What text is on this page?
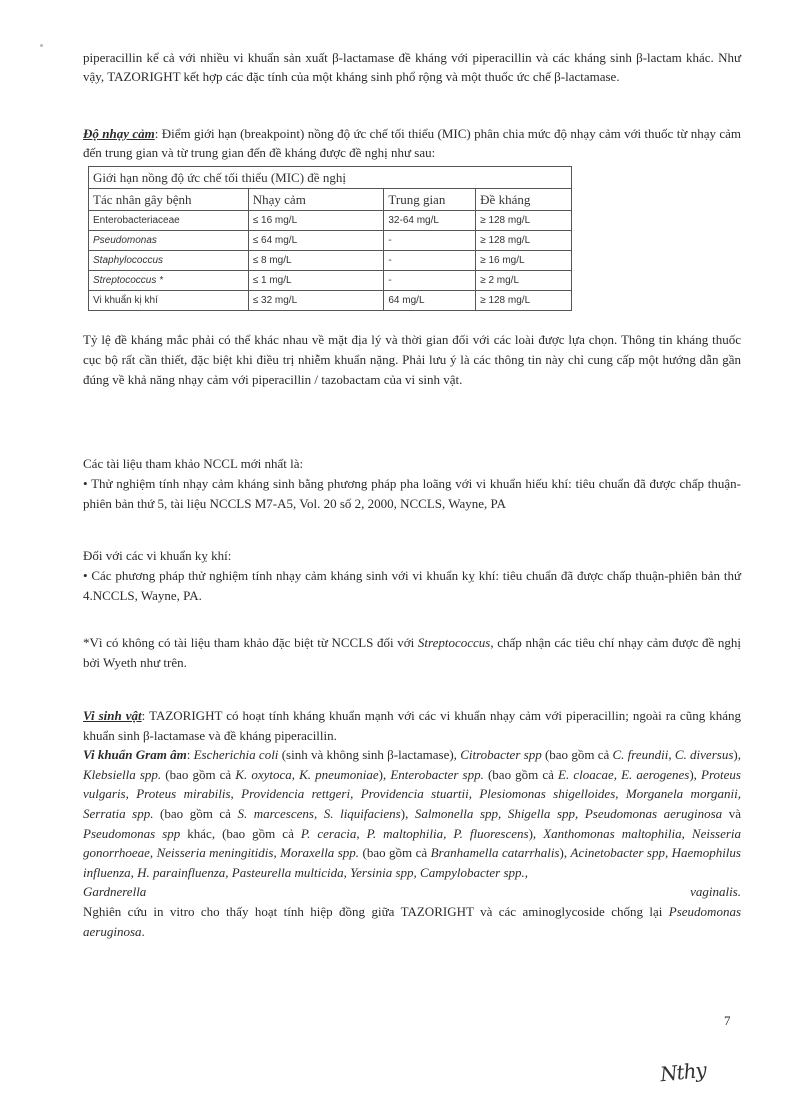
piperacillin kể cả với nhiều vi khuẩn sản xuất β-lactamase đề kháng với piperacillin và các kháng sinh β-lactam khác. Như vậy, TAZORIGHT kết hợp các đặc tính của một kháng sinh phổ rộng và một thuốc ức chế β-lactamase.

Độ nhạy cảm: Điểm giới hạn (breakpoint) nồng độ ức chế tối thiểu (MIC) phân chia mức độ nhạy cảm với thuốc từ nhạy cảm đến trung gian và từ trung gian đến đề kháng được đề nghị như sau:

Giới hạn nồng độ ức chế tối thiểu (MIC) đề nghị			
Tác nhân gây bệnh	Nhạy cảm	Trung gian	Đề kháng
Enterobacteriaceae	≤ 16 mg/L	32-64 mg/L	≥ 128 mg/L
Pseudomonas	≤ 64 mg/L	-	≥ 128 mg/L
Staphylococcus	≤ 8 mg/L	-	≥ 16 mg/L
Streptococcus *	≤ 1 mg/L	-	≥ 2 mg/L
Vi khuẩn kị khí	≤ 32 mg/L	64 mg/L	≥ 128 mg/L

Tỷ lệ đề kháng mắc phải có thể khác nhau về mặt địa lý và thời gian đối với các loài được lựa chọn. Thông tin kháng thuốc cục bộ rất cần thiết, đặc biệt khi điều trị nhiễm khuẩn nặng. Phải lưu ý là các thông tin này chỉ cung cấp một hướng dẫn gần đúng về khả năng nhạy cảm với piperacillin / tazobactam của vi sinh vật.

Các tài liệu tham khảo NCCL mới nhất là:

• Thử nghiệm tính nhạy cảm kháng sinh bằng phương pháp pha loãng với vi khuẩn hiếu khí: tiêu chuẩn đã được chấp thuận-phiên bản thứ 5, tài liệu NCCLS M7-A5, Vol. 20 số 2, 2000, NCCLS, Wayne, PA

Đối với các vi khuẩn kỵ khí:

• Các phương pháp thử nghiệm tính nhạy cảm kháng sinh với vi khuẩn kỵ khí: tiêu chuẩn đã được chấp thuận-phiên bản thứ 4.NCCLS, Wayne, PA.

*Vì có không có tài liệu tham khảo đặc biệt từ NCCLS đối với Streptococcus, chấp nhận các tiêu chí nhạy cảm được đề nghị bởi Wyeth như trên.

Vi sinh vật: TAZORIGHT có hoạt tính kháng khuẩn mạnh với các vi khuẩn nhạy cảm với piperacillin; ngoài ra cũng kháng khuẩn sinh β-lactamase và đề kháng piperacillin.

Vi khuẩn Gram âm: Escherichia coli (sinh và không sinh β-lactamase), Citrobacter spp (bao gồm cả C. freundii, C. diversus), Klebsiella spp. (bao gồm cả K. oxytoca, K. pneumoniae), Enterobacter spp. (bao gồm cả E. cloacae, E. aerogenes), Proteus vulgaris, Proteus mirabilis, Providencia rettgeri, Providencia stuartii, Plesiomonas shigelloides, Morganela morganii, Serratia spp. (bao gồm cả S. marcescens, S. liquifaciens), Salmonella spp, Shigella spp, Pseudomonas aeruginosa và Pseudomonas spp khác, (bao gồm cả P. ceracia, P. maltophilia, P. fluorescens), Xanthomonas maltophilia, Neisseria gonorrhoeae, Neisseria meningitidis, Moraxella spp. (bao gồm cả Branhamella catarrhalis), Acinetobacter spp, Haemophilus influenza, H. parainfluenza, Pasteurella multicida, Yersinia spp, Campylobacter spp.,

Gardnerella	vaginalis.

Nghiên cứu in vitro cho thấy hoạt tính hiệp đồng giữa TAZORIGHT và các aminoglycoside chống lại Pseudomonas aeruginosa.

7
Nthy
